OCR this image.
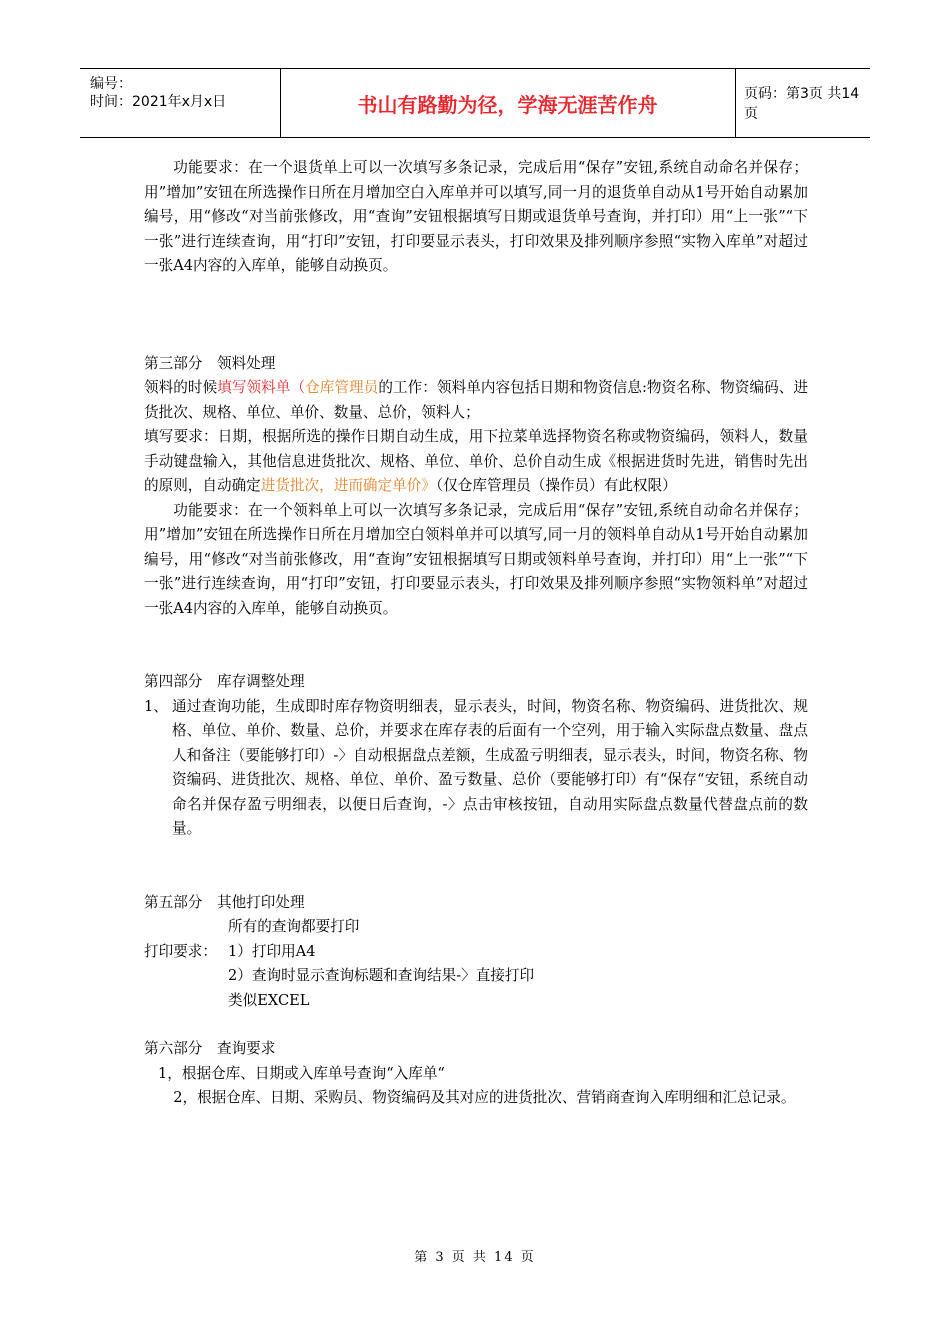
编号：
时间：2021年x月x日	书山有路勤为径，学海无涯苦作舟	页码：第3页 共14页

功能要求：在一个退货单上可以一次填写多条记录，完成后用“保存”安钮,系统自动命名并保存；用”增加”安钮在所选操作日所在月增加空白入库单并可以填写,同一月的退货单自动从1号开始自动累加编号，用“修改“对当前张修改，用“查询”安钮根据填写日期或退货单号查询，并打印）用“上一张”“下一张”进行连续查询，用“打印”安钮，打印要显示表头，打印效果及排列顺序参照“实物入库单”对超过一张A4内容的入库单，能够自动换页。

第三部分　领料处理

领料的时候填写领料单（仓库管理员的工作：领料单内容包括日期和物资信息:物资名称、物资编码、进货批次、规格、单位、单价、数量、总价，领料人；

填写要求：日期，根据所选的操作日期自动生成，用下拉菜单选择物资名称或物资编码，领料人，数量手动键盘输入，其他信息进货批次、规格、单位、单价、总价自动生成《根据进货时先进，销售时先出的原则，自动确定进货批次，进而确定单价》（仅仓库管理员（操作员）有此权限）

功能要求：在一个领料单上可以一次填写多条记录，完成后用“保存”安钮,系统自动命名并保存；用”增加”安钮在所选操作日所在月增加空白领料单并可以填写,同一月的领料单自动从1号开始自动累加编号，用“修改“对当前张修改，用“查询”安钮根据填写日期或领料单号查询，并打印）用“上一张”“下一张”进行连续查询，用“打印”安钮，打印要显示表头，打印效果及排列顺序参照“实物领料单”对超过一张A4内容的入库单，能够自动换页。

第四部分　库存调整处理

1、 通过查询功能，生成即时库存物资明细表，显示表头，时间，物资名称、物资编码、进货批次、规格、单位、单价、数量、总价，并要求在库存表的后面有一个空列，用于输入实际盘点数量、盘点人和备注（要能够打印）-〉自动根据盘点差额，生成盈亏明细表，显示表头，时间，物资名称、物资编码、进货批次、规格、单位、单价、盈亏数量、总价（要能够打印）有“保存“安钮，系统自动命名并保存盈亏明细表，以便日后查询，-〉点击审核按钮，自动用实际盘点数量代替盘点前的数量。

第五部分　其他打印处理

所有的查询都要打印

打印要求： 1）打印用A4

2）查询时显示查询标题和查询结果-〉直接打印

类似EXCEL

第六部分　查询要求

1，根据仓库、日期或入库单号查询“入库单“

2，根据仓库、日期、采购员、物资编码及其对应的进货批次、营销商查询入库明细和汇总记录。

第 3 页 共 14 页
